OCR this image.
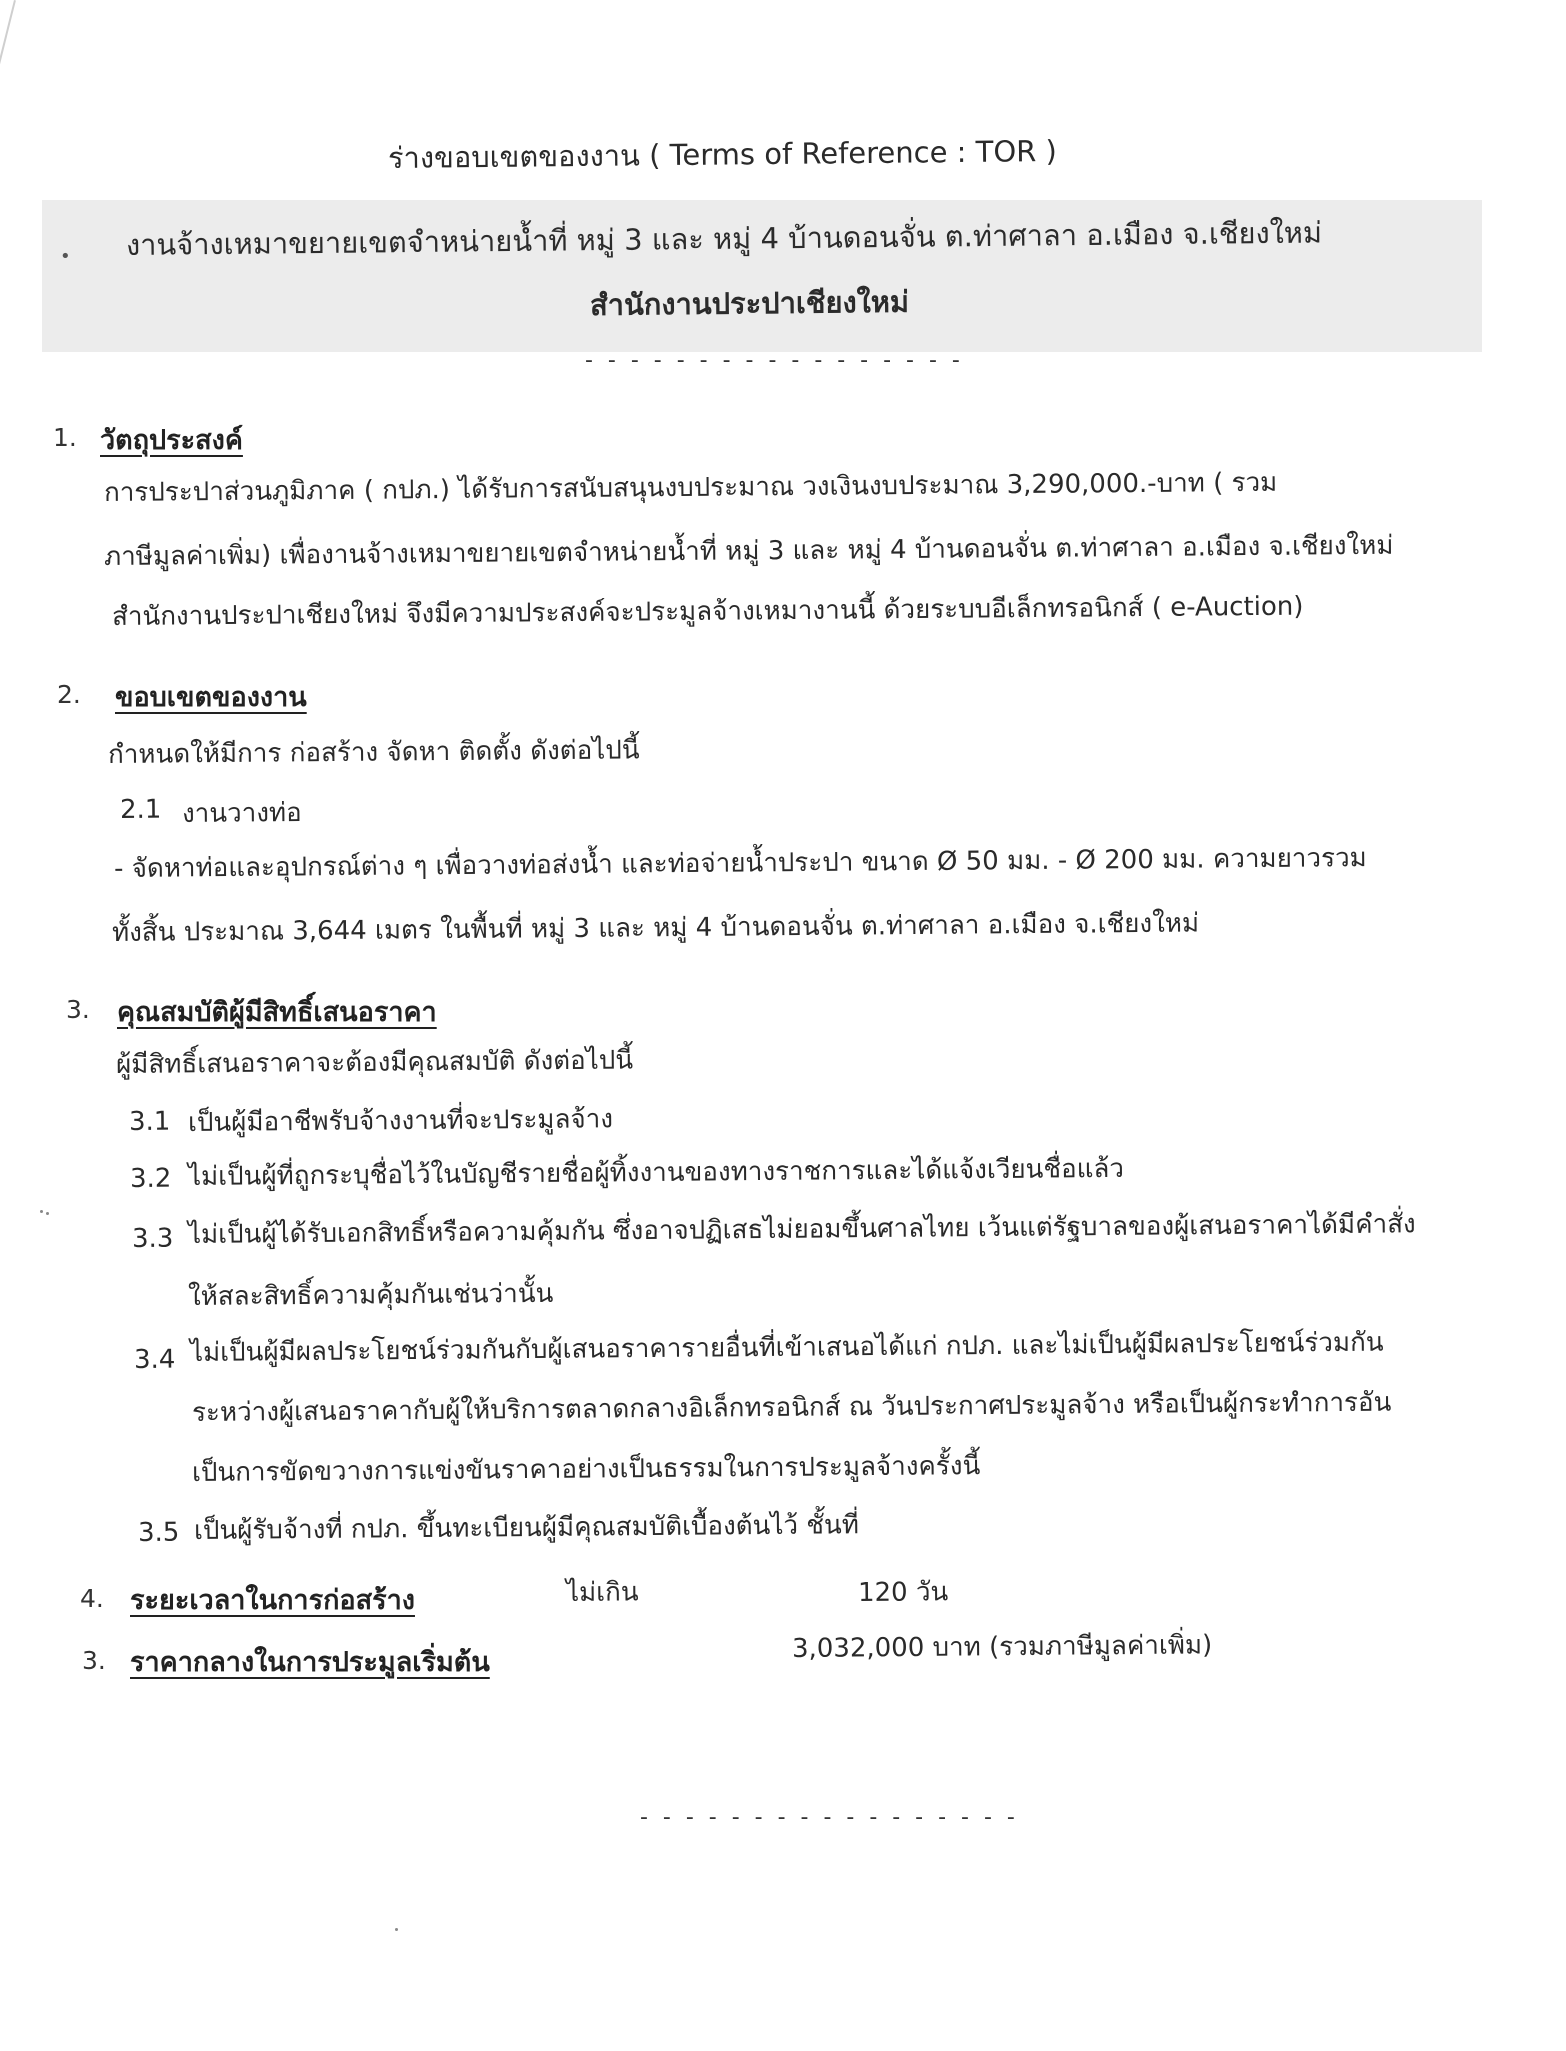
ร่างขอบเขตของงาน ( Terms of Reference : TOR )
• งานจ้างเหมาขยายเขตจำหน่ายน้ำที่ หมู่ 3 และ หมู่ 4 บ้านดอนจั่น ต.ท่าศาลา อ.เมือง จ.เชียงใหม่
สำนักงานประปาเชียงใหม่
- - - - - - - - - - - - - - - - -
1. วัตถุประสงค์
การประปาส่วนภูมิภาค ( กปภ.) ได้รับการสนับสนุนงบประมาณ วงเงินงบประมาณ 3,290,000.-บาท ( รวม
ภาษีมูลค่าเพิ่ม) เพื่องานจ้างเหมาขยายเขตจำหน่ายน้ำที่ หมู่ 3 และ หมู่ 4 บ้านดอนจั่น ต.ท่าศาลา อ.เมือง จ.เชียงใหม่
สำนักงานประปาเชียงใหม่ จึงมีความประสงค์จะประมูลจ้างเหมางานนี้ ด้วยระบบอีเล็กทรอนิกส์ ( e-Auction)
2. ขอบเขตของงาน
กำหนดให้มีการ ก่อสร้าง จัดหา ติดตั้ง ดังต่อไปนี้
2.1 งานวางท่อ
- จัดหาท่อและอุปกรณ์ต่าง ๆ เพื่อวางท่อส่งน้ำ และท่อจ่ายน้ำประปา ขนาด Ø 50 มม. - Ø 200 มม. ความยาวรวม
ทั้งสิ้น ประมาณ 3,644 เมตร ในพื้นที่ หมู่ 3 และ หมู่ 4 บ้านดอนจั่น ต.ท่าศาลา อ.เมือง จ.เชียงใหม่
3. คุณสมบัติผู้มีสิทธิ์เสนอราคา
ผู้มีสิทธิ์เสนอราคาจะต้องมีคุณสมบัติ ดังต่อไปนี้
3.1 เป็นผู้มีอาชีพรับจ้างงานที่จะประมูลจ้าง
3.2 ไม่เป็นผู้ที่ถูกระบุชื่อไว้ในบัญชีรายชื่อผู้ทิ้งงานของทางราชการและได้แจ้งเวียนชื่อแล้ว
3.3 ไม่เป็นผู้ได้รับเอกสิทธิ์หรือความคุ้มกัน ซึ่งอาจปฏิเสธไม่ยอมขึ้นศาลไทย เว้นแต่รัฐบาลของผู้เสนอราคาได้มีคำสั่ง
ให้สละสิทธิ์ความคุ้มกันเช่นว่านั้น
3.4 ไม่เป็นผู้มีผลประโยชน์ร่วมกันกับผู้เสนอราคารายอื่นที่เข้าเสนอได้แก่ กปภ. และไม่เป็นผู้มีผลประโยชน์ร่วมกัน
ระหว่างผู้เสนอราคากับผู้ให้บริการตลาดกลางอิเล็กทรอนิกส์ ณ วันประกาศประมูลจ้าง หรือเป็นผู้กระทำการอัน
เป็นการขัดขวางการแข่งขันราคาอย่างเป็นธรรมในการประมูลจ้างครั้งนี้
3.5 เป็นผู้รับจ้างที่ กปภ. ขึ้นทะเบียนผู้มีคุณสมบัติเบื้องต้นไว้ ชั้นที่
4. ระยะเวลาในการก่อสร้าง	ไม่เกิน	120 วัน
3. ราคากลางในการประมูลเริ่มต้น	3,032,000 บาท (รวมภาษีมูลค่าเพิ่ม)
- - - - - - - - - - - - - - - - -
